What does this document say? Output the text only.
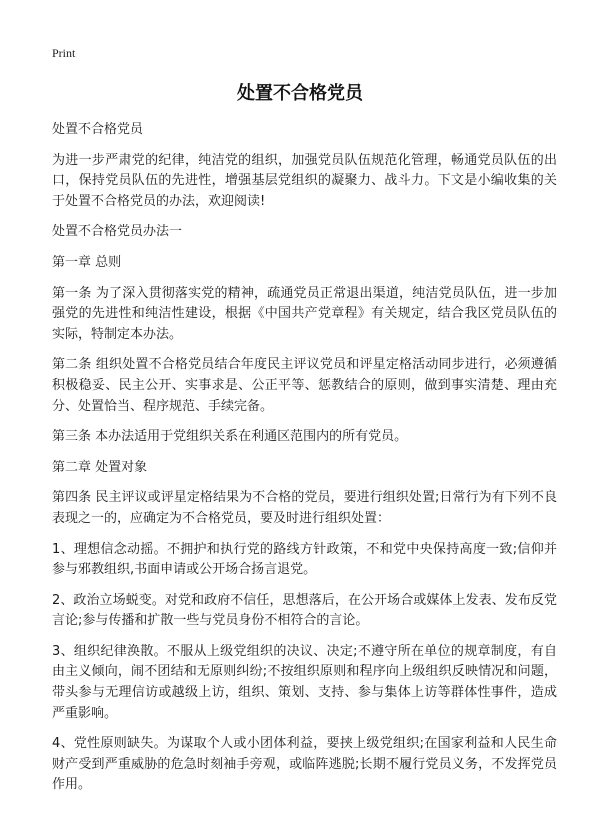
Print
处置不合格党员

处置不合格党员

为进一步严肃党的纪律，纯洁党的组织，加强党员队伍规范化管理，畅通党员队伍的出口，保持党员队伍的先进性，增强基层党组织的凝聚力、战斗力。下文是小编收集的关于处置不合格党员的办法，欢迎阅读!

处置不合格党员办法一

第一章 总则

第一条 为了深入贯彻落实党的精神，疏通党员正常退出渠道，纯洁党员队伍，进一步加强党的先进性和纯洁性建设，根据《中国共产党章程》有关规定，结合我区党员队伍的实际，特制定本办法。

第二条 组织处置不合格党员结合年度民主评议党员和评星定格活动同步进行，必须遵循积极稳妥、民主公开、实事求是、公正平等、惩教结合的原则，做到事实清楚、理由充分、处置恰当、程序规范、手续完备。

第三条 本办法适用于党组织关系在利通区范围内的所有党员。

第二章 处置对象

第四条 民主评议或评星定格结果为不合格的党员，要进行组织处置;日常行为有下列不良表现之一的，应确定为不合格党员，要及时进行组织处置：

1、理想信念动摇。不拥护和执行党的路线方针政策，不和党中央保持高度一致;信仰并参与邪教组织,书面申请或公开场合扬言退党。

2、政治立场蜕变。对党和政府不信任，思想落后，在公开场合或媒体上发表、发布反党言论;参与传播和扩散一些与党员身份不相符合的言论。

3、组织纪律涣散。不服从上级党组织的决议、决定;不遵守所在单位的规章制度，有自由主义倾向，闹不团结和无原则纠纷;不按组织原则和程序向上级组织反映情况和问题，带头参与无理信访或越级上访，组织、策划、支持、参与集体上访等群体性事件，造成严重影响。

4、党性原则缺失。为谋取个人或小团体利益，要挟上级党组织;在国家利益和人民生命财产受到严重威胁的危急时刻袖手旁观，或临阵逃脱;长期不履行党员义务，不发挥党员作用。
